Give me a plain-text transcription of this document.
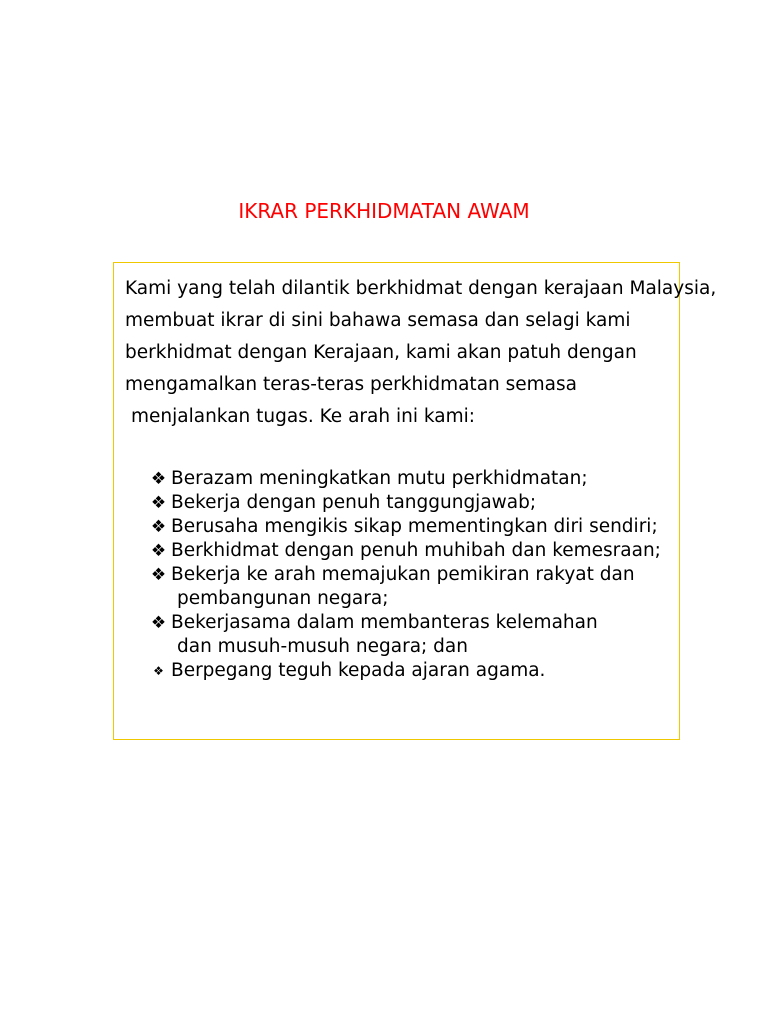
IKRAR PERKHIDMATAN AWAM
Kami yang telah dilantik berkhidmat dengan kerajaan Malaysia,
membuat ikrar di sini bahawa semasa dan selagi kami
berkhidmat dengan Kerajaan, kami akan patuh dengan
mengamalkan teras-teras perkhidmatan semasa
menjalankan tugas. Ke arah ini kami:
❖ Berazam meningkatkan mutu perkhidmatan;
❖ Bekerja dengan penuh tanggungjawab;
❖ Berusaha mengikis sikap mementingkan diri sendiri;
❖ Berkhidmat dengan penuh muhibah dan kemesraan;
❖ Bekerja ke arah memajukan pemikiran rakyat dan
pembangunan negara;
❖ Bekerjasama dalam membanteras kelemahan
dan musuh-musuh negara; dan
❖ Berpegang teguh kepada ajaran agama.
